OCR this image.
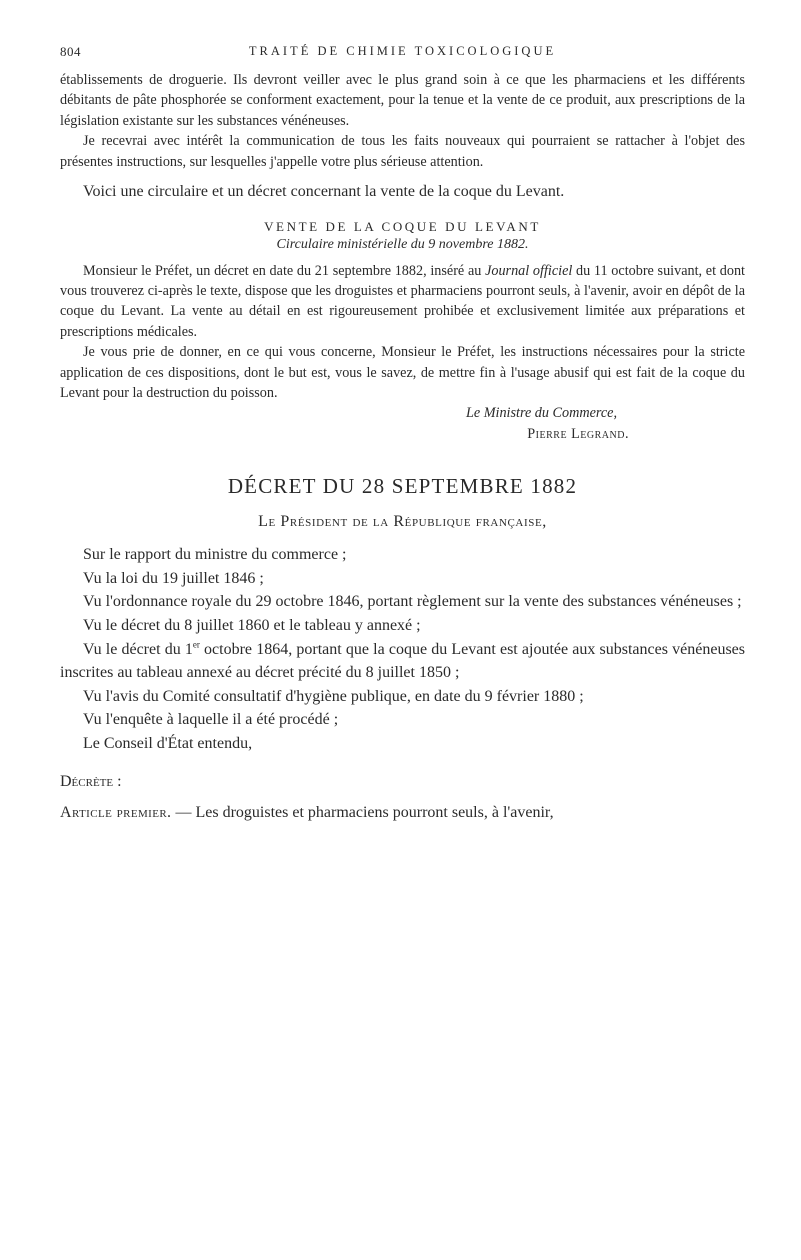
804	TRAITÉ DE CHIMIE TOXICOLOGIQUE

établissements de droguerie. Ils devront veiller avec le plus grand soin à ce que les pharmaciens et les différents débitants de pâte phosphorée se conforment exactement, pour la tenue et la vente de ce produit, aux prescriptions de la législation existante sur les substances vénéneuses.

Je recevrai avec intérêt la communication de tous les faits nouveaux qui pourraient se rattacher à l'objet des présentes instructions, sur lesquelles j'appelle votre plus sérieuse attention.

Voici une circulaire et un décret concernant la vente de la coque du Levant.

VENTE DE LA COQUE DU LEVANT

Circulaire ministérielle du 9 novembre 1882.

Monsieur le Préfet, un décret en date du 21 septembre 1882, inséré au Journal officiel du 11 octobre suivant, et dont vous trouverez ci-après le texte, dispose que les droguistes et pharmaciens pourront seuls, à l'avenir, avoir en dépôt de la coque du Levant. La vente au détail en est rigoureusement prohibée et exclusivement limitée aux préparations et prescriptions médicales.

Je vous prie de donner, en ce qui vous concerne, Monsieur le Préfet, les instructions nécessaires pour la stricte application de ces dispositions, dont le but est, vous le savez, de mettre fin à l'usage abusif qui est fait de la coque du Levant pour la destruction du poisson.

Le Ministre du Commerce,

Pierre Legrand.

DÉCRET DU 28 SEPTEMBRE 1882

Le Président de la République française,

Sur le rapport du ministre du commerce ;

Vu la loi du 19 juillet 1846 ;

Vu l'ordonnance royale du 29 octobre 1846, portant règlement sur la vente des substances vénéneuses ;

Vu le décret du 8 juillet 1860 et le tableau y annexé ;

Vu le décret du 1er octobre 1864, portant que la coque du Levant est ajoutée aux substances vénéneuses inscrites au tableau annexé au décret précité du 8 juillet 1850 ;

Vu l'avis du Comité consultatif d'hygiène publique, en date du 9 février 1880 ;

Vu l'enquête à laquelle il a été procédé ;

Le Conseil d'État entendu,

Décrète :

Article premier. — Les droguistes et pharmaciens pourront seuls, à l'avenir,
